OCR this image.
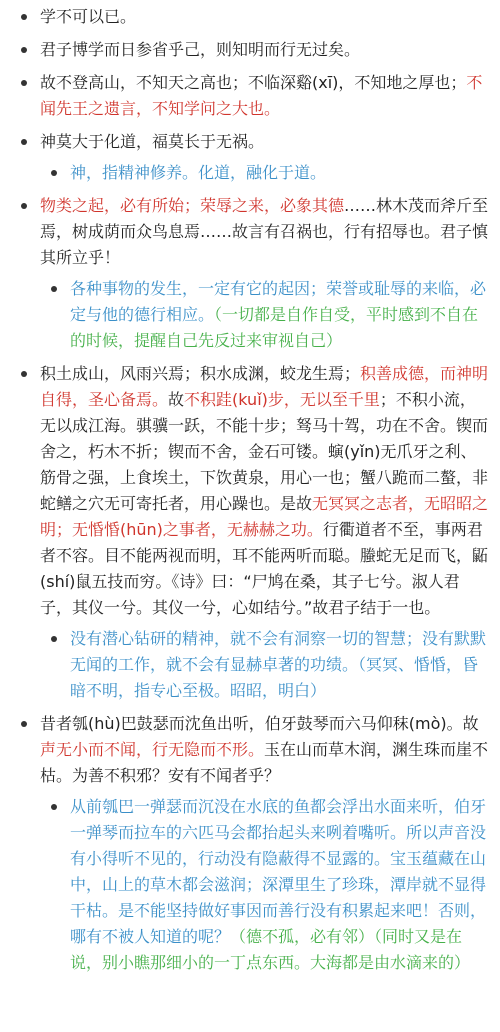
学不可以已。
君子博学而日参省乎己，则知明而行无过矣。
故不登高山，不知天之高也；不临深谿(xī)，不知地之厚也；不闻先王之遗言，不知学问之大也。
神莫大于化道，福莫长于无祸。
神，指精神修养。化道，融化于道。
物类之起，必有所始；荣辱之来，必象其德……林木茂而斧斤至焉，树成荫而众鸟息焉……故言有召祸也，行有招辱也。君子慎其所立乎！
各种事物的发生，一定有它的起因；荣誉或耻辱的来临，必定与他的德行相应。（一切都是自作自受，平时感到不自在的时候，提醒自己先反过来审视自己）
积土成山，风雨兴焉；积水成渊，蛟龙生焉；积善成德，而神明自得，圣心备焉。故不积跬(kuǐ)步，无以至千里；不积小流，无以成江海。骐骥一跃，不能十步；驽马十驾，功在不舍。锲而舍之，朽木不折；锲而不舍，金石可镂。螾(yǐn)无爪牙之利、筋骨之强，上食埃土，下饮黄泉，用心一也；蟹八跪而二螯，非蛇鳝之穴无可寄托者，用心躁也。是故无冥冥之志者，无昭昭之明；无惛惛(hūn)之事者，无赫赫之功。行衢道者不至，事两君者不容。目不能两视而明，耳不能两听而聪。螣蛇无足而飞，鼫(shí)鼠五技而穷。《诗》曰：“尸鸠在桑，其子七兮。淑人君子，其仪一兮。其仪一兮，心如结兮。”故君子结于一也。
没有潜心钻研的精神，就不会有洞察一切的智慧；没有默默无闻的工作，就不会有显赫卓著的功绩。（冥冥、惛惛，昏暗不明，指专心至极。昭昭，明白）
昔者瓠(hù)巴鼓瑟而沈鱼出听，伯牙鼓琴而六马仰秣(mò)。故声无小而不闻，行无隐而不形。玉在山而草木润，渊生珠而崖不枯。为善不积邪？安有不闻者乎？
从前瓠巴一弹瑟而沉没在水底的鱼都会浮出水面来听，伯牙一弹琴而拉车的六匹马会都抬起头来咧着嘴听。所以声音没有小得听不见的，行动没有隐蔽得不显露的。宝玉蕴藏在山中，山上的草木都会滋润；深潭里生了珍珠，潭岸就不显得干枯。是不能坚持做好事因而善行没有积累起来吧！否则，哪有不被人知道的呢？（德不孤，必有邻）（同时又是在说，别小瞧那细小的一丁点东西。大海都是由水滴来的）
